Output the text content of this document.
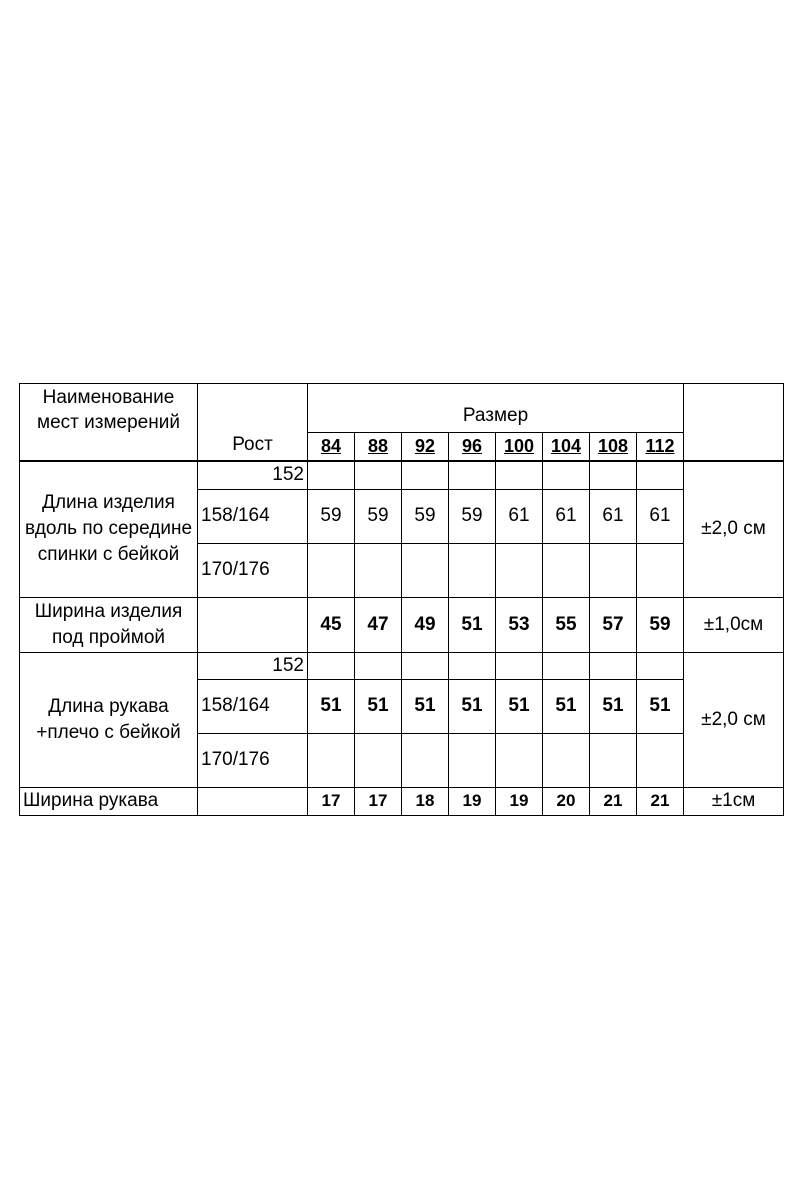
Наименование мест измерений	Рост	Размер								
		84	88	92	96	100	104	108	112	
Длина изделия вдоль по середине спинки с бейкой	152									±2,0 см
	158/164	59	59	59	59	61	61	61	61	
	170/176									
Ширина изделия под проймой		45	47	49	51	53	55	57	59	±1,0см
Длина рукава +плечо с бейкой	152									±2,0 см
	158/164	51	51	51	51	51	51	51	51	
	170/176									
Ширина рукава		17	17	18	19	19	20	21	21	±1см
